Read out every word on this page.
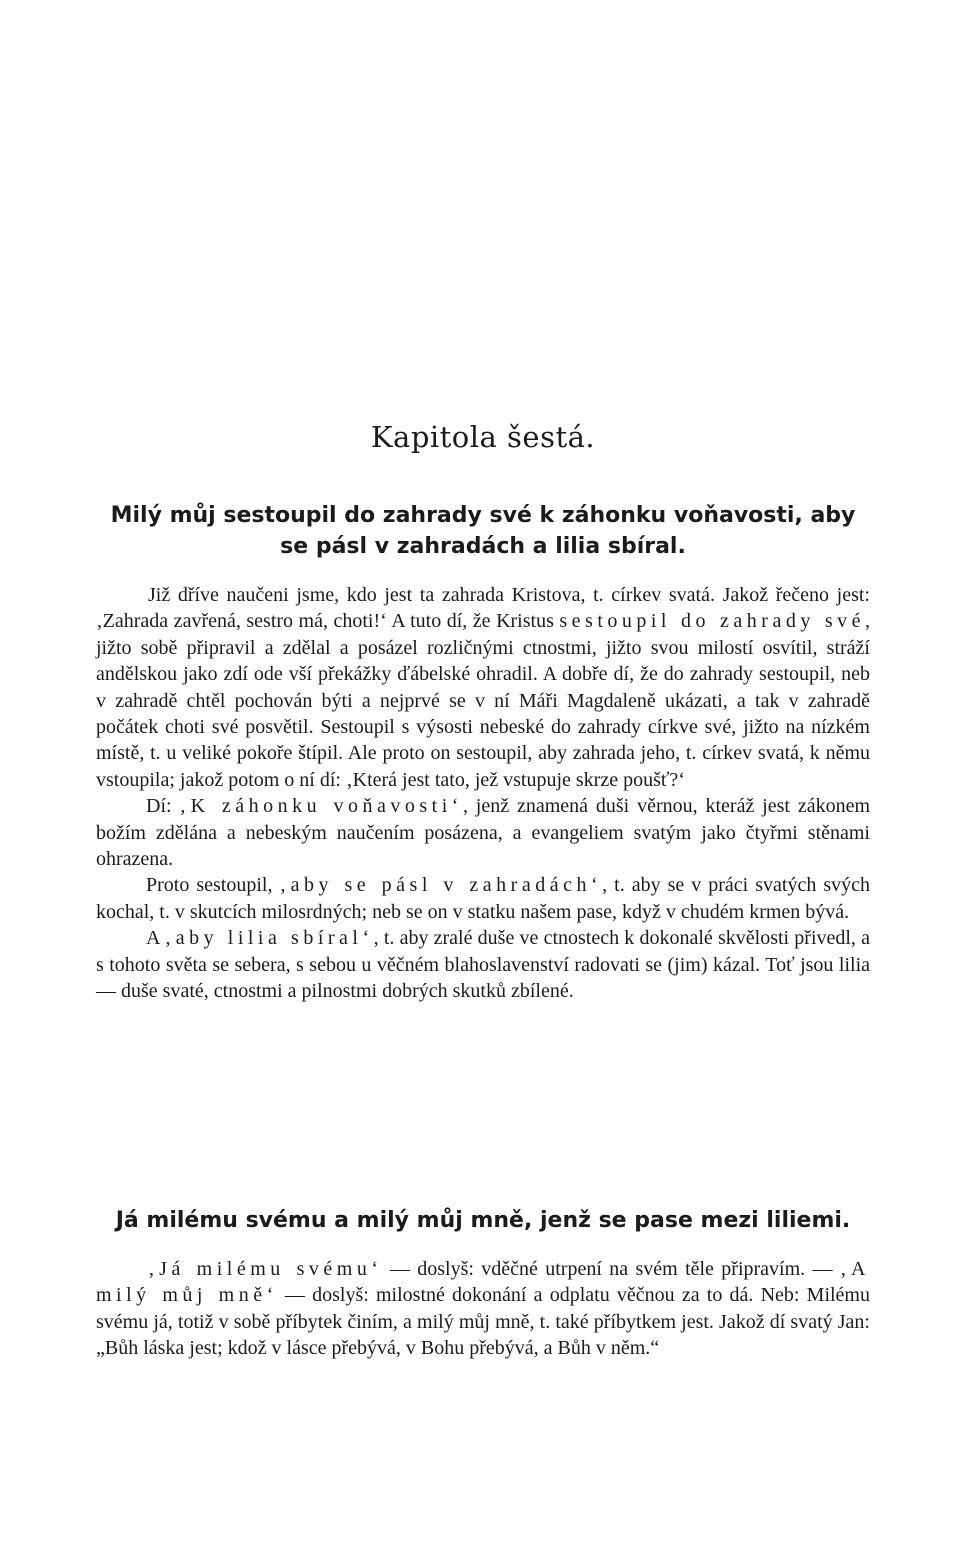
Kapitola šestá.
Milý můj sestoupil do zahrady své k záhonku voňavosti, aby se pásl v zahradách a lilia sbíral.

Již dříve naučeni jsme, kdo jest ta zahrada Kristova, t. církev svatá. Jakož řečeno jest: ‚Zahrada zavřená, sestro má, choti!‘ A tuto dí, že Kristus sestoupil do zahrady své, jižto sobě připravil a zdělal a posázel rozličnými ctnostmi, jižto svou milostí osvítil, stráží andělskou jako zdí ode vší překážky ďábelské ohradil. A dobře dí, že do zahrady sestoupil, neb v zahradě chtěl pochován býti a nejprvé se v ní Máři Magdaleně ukázati, a tak v zahradě počátek choti své posvětil. Sestoupil s výsosti nebeské do zahrady církve své, jižto na nízkém místě, t. u veliké pokoře štípil. Ale proto on sestoupil, aby zahrada jeho, t. církev svatá, k němu vstoupila; jakož potom o ní dí: ‚Která jest tato, jež vstupuje skrze poušť?‘

Dí: ‚K záhonku voňavosti‘, jenž znamená duši věrnou, kteráž jest zákonem božím zdělána a nebeským naučením posázena, a evangeliem svatým jako čtyřmi stěnami ohrazena.

Proto sestoupil, ‚aby se pásl v zahradách‘, t. aby se v práci svatých svých kochal, t. v skutcích milosrdných; neb se on v statku našem pase, když v chudém krmen bývá.

A ‚aby lilia sbíral‘, t. aby zralé duše ve ctnostech k dokonalé skvělosti přivedl, a s tohoto světa se sebera, s sebou u věčném blahoslavenství radovati se (jim) kázal. Toť jsou lilia — duše svaté, ctnostmi a pilnostmi dobrých skutků zbílené.

Já milému svému a milý můj mně, jenž se pase mezi liliemi.

‚Já milému svému‘ — doslyš: vděčné utrpení na svém těle připravím. — ‚A milý můj mně‘ — doslyš: milostné dokonání a odplatu věčnou za to dá. Neb: Milému svému já, totiž v sobě příbytek činím, a milý můj mně, t. také příbytkem jest. Jakož dí svatý Jan: „Bůh láska jest; kdož v lásce přebývá, v Bohu přebývá, a Bůh v něm.“
